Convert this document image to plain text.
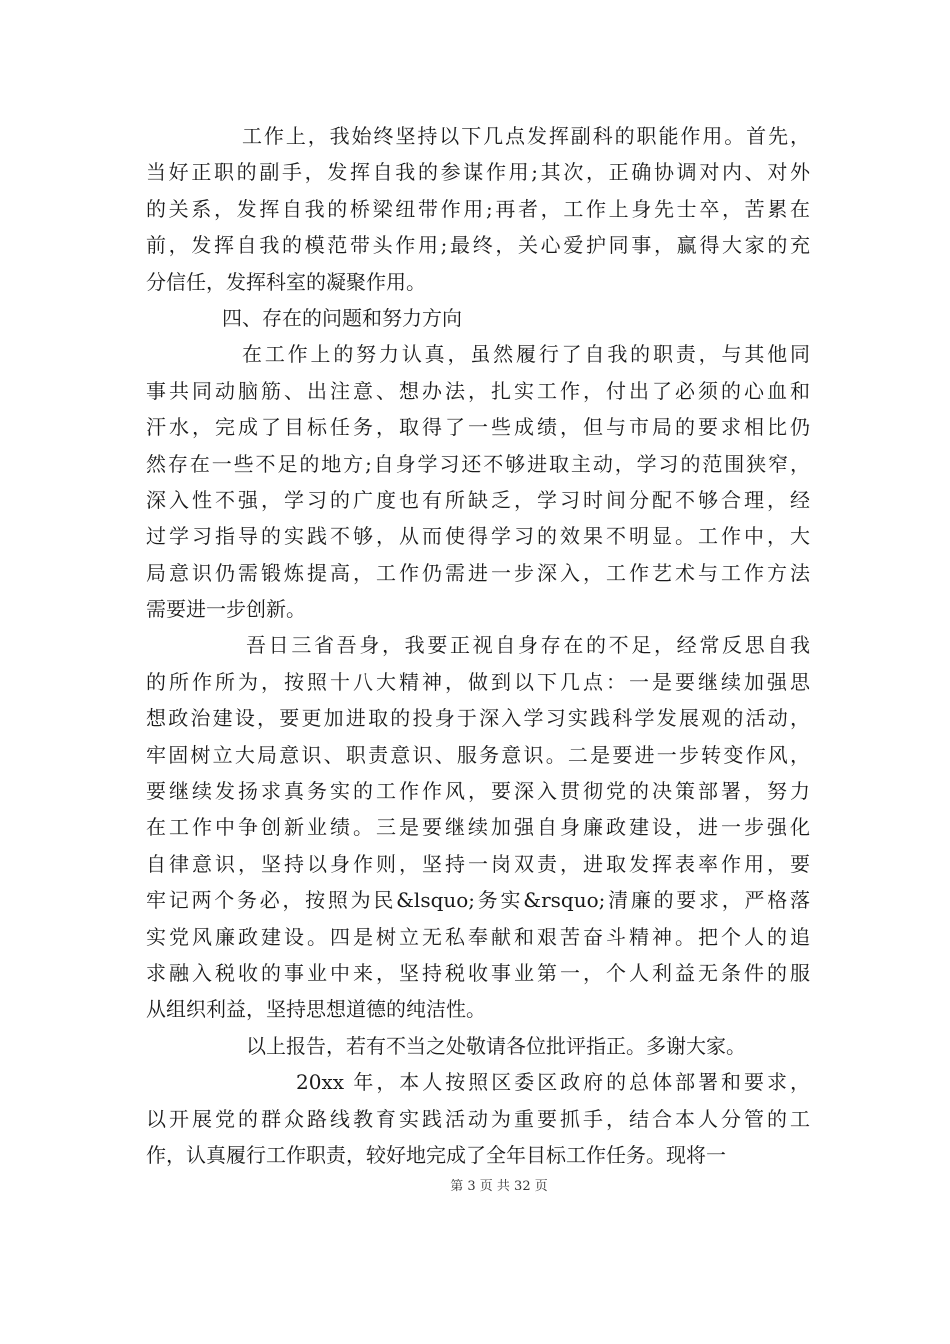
工作上，我始终坚持以下几点发挥副科的职能作用。首先，
当好正职的副手，发挥自我的参谋作用;其次，正确协调对内、对外
的关系，发挥自我的桥梁纽带作用;再者，工作上身先士卒，苦累在
前，发挥自我的模范带头作用;最终，关心爱护同事，赢得大家的充
分信任，发挥科室的凝聚作用。
四、存在的问题和努力方向
在工作上的努力认真，虽然履行了自我的职责，与其他同
事共同动脑筋、出注意、想办法，扎实工作，付出了必须的心血和
汗水，完成了目标任务，取得了一些成绩，但与市局的要求相比仍
然存在一些不足的地方;自身学习还不够进取主动，学习的范围狭窄，
深入性不强，学习的广度也有所缺乏，学习时间分配不够合理，经
过学习指导的实践不够，从而使得学习的效果不明显。工作中，大
局意识仍需锻炼提高，工作仍需进一步深入，工作艺术与工作方法
需要进一步创新。
吾日三省吾身，我要正视自身存在的不足，经常反思自我
的所作所为，按照十八大精神，做到以下几点：一是要继续加强思
想政治建设，要更加进取的投身于深入学习实践科学发展观的活动，
牢固树立大局意识、职责意识、服务意识。二是要进一步转变作风，
要继续发扬求真务实的工作作风，要深入贯彻党的决策部署，努力
在工作中争创新业绩。三是要继续加强自身廉政建设，进一步强化
自律意识，坚持以身作则，坚持一岗双责，进取发挥表率作用，要
牢记两个务必，按照为民&lsquo;务实&rsquo;清廉的要求，严格落
实党风廉政建设。四是树立无私奉献和艰苦奋斗精神。把个人的追
求融入税收的事业中来，坚持税收事业第一，个人利益无条件的服
从组织利益，坚持思想道德的纯洁性。
以上报告，若有不当之处敬请各位批评指正。多谢大家。
20xx 年，本人按照区委区政府的总体部署和要求，
以开展党的群众路线教育实践活动为重要抓手，结合本人分管的工
作，认真履行工作职责，较好地完成了全年目标工作任务。现将一
第 3 页 共 32 页
